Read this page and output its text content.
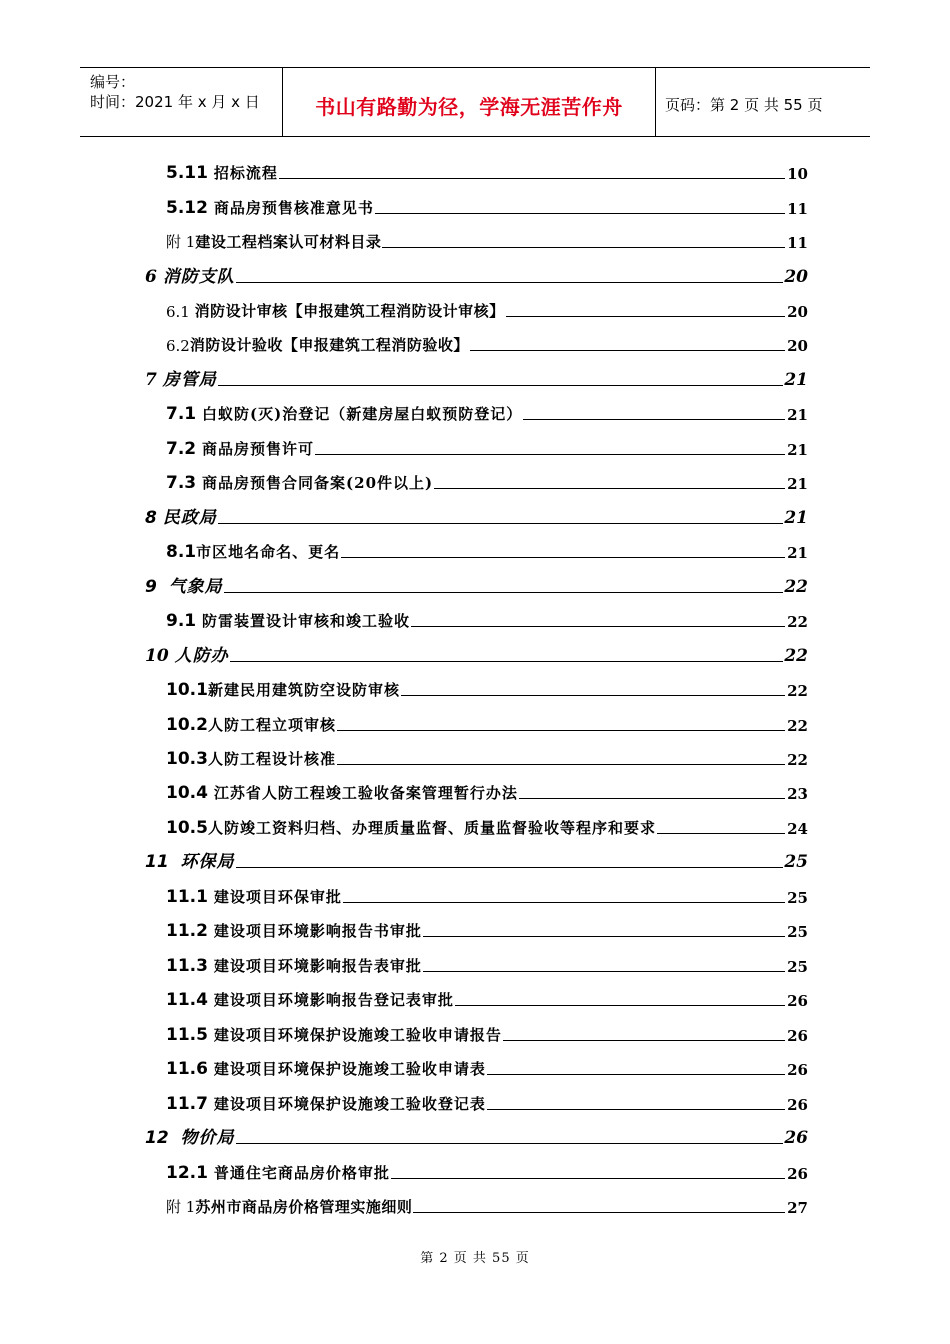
编号：
时间：2021 年 x 月 x 日	书山有路勤为径，学海无涯苦作舟	页码：第 2 页 共 55 页
5.11 招标流程	10
5.12 商品房预售核准意见书	11
附 1 建设工程档案认可材料目录	11
6 消防支队	20
6.1 消防设计审核【申报建筑工程消防设计审核】	20
6.2 消防设计验收【申报建筑工程消防验收】	20
7 房管局	21
7.1 白蚁防(灭)治登记（新建房屋白蚁预防登记）	21
7.2 商品房预售许可	21
7.3 商品房预售合同备案(20件以上)	21
8 民政局	21
8.1 市区地名命名、更名	21
9 气象局	22
9.1 防雷装置设计审核和竣工验收	22
10 人防办	22
10.1 新建民用建筑防空设防审核	22
10.2 人防工程立项审核	22
10.3 人防工程设计核准	22
10.4 江苏省人防工程竣工验收备案管理暂行办法	23
10.5 人防竣工资料归档、办理质量监督、质量监督验收等程序和要求	24
11 环保局	25
11.1 建设项目环保审批	25
11.2 建设项目环境影响报告书审批	25
11.3 建设项目环境影响报告表审批	25
11.4 建设项目环境影响报告登记表审批	26
11.5 建设项目环境保护设施竣工验收申请报告	26
11.6 建设项目环境保护设施竣工验收申请表	26
11.7 建设项目环境保护设施竣工验收登记表	26
12 物价局	26
12.1 普通住宅商品房价格审批	26
附 1 苏州市商品房价格管理实施细则	27
第 2 页 共 55 页
